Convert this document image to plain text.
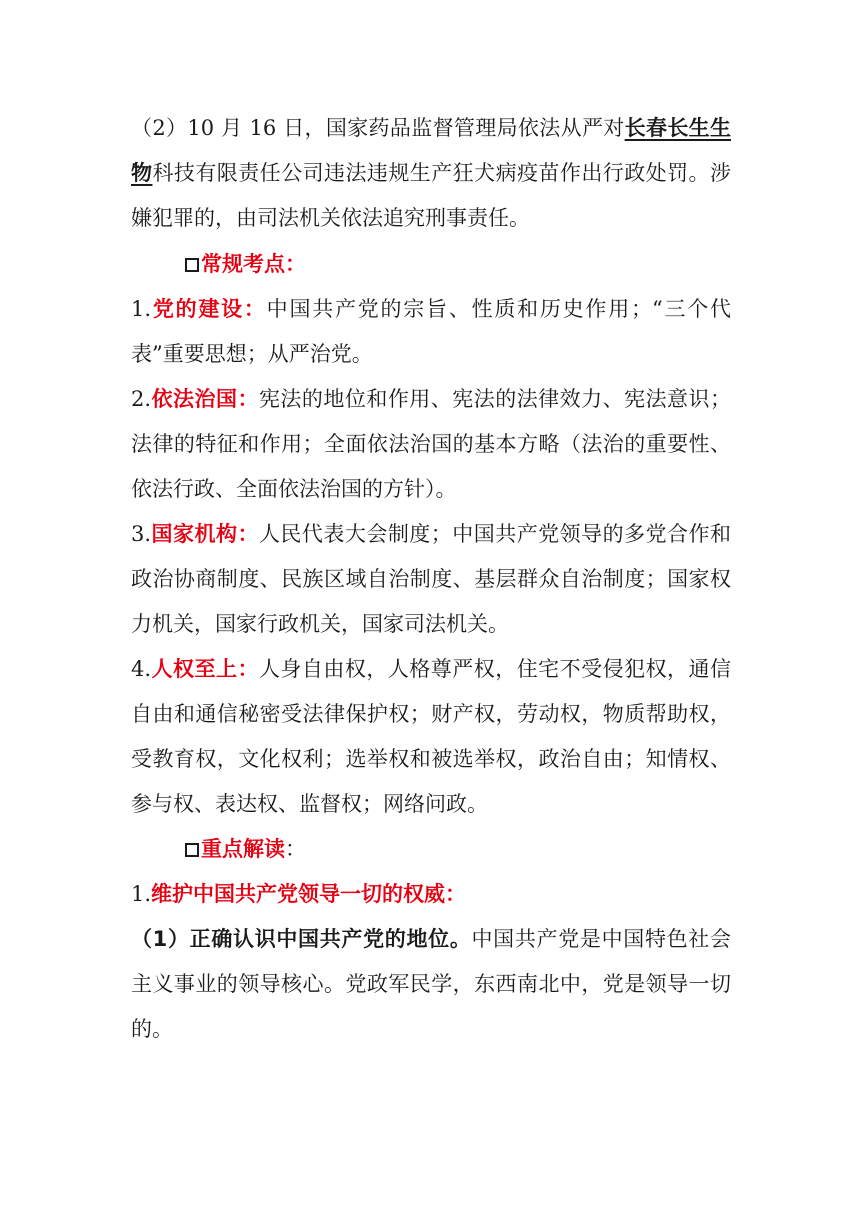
（2）10 月 16 日，国家药品监督管理局依法从严对长春长生生物科技有限责任公司违法违规生产狂犬病疫苗作出行政处罚。涉嫌犯罪的，由司法机关依法追究刑事责任。

常规考点：

1.党的建设：中国共产党的宗旨、性质和历史作用；“三个代表”重要思想；从严治党。

2.依法治国：宪法的地位和作用、宪法的法律效力、宪法意识；法律的特征和作用；全面依法治国的基本方略（法治的重要性、依法行政、全面依法治国的方针）。

3.国家机构：人民代表大会制度；中国共产党领导的多党合作和政治协商制度、民族区域自治制度、基层群众自治制度；国家权力机关，国家行政机关，国家司法机关。

4.人权至上：人身自由权，人格尊严权，住宅不受侵犯权，通信自由和通信秘密受法律保护权；财产权，劳动权，物质帮助权，受教育权，文化权利；选举权和被选举权，政治自由；知情权、参与权、表达权、监督权；网络问政。

重点解读：

1.维护中国共产党领导一切的权威：

（1）正确认识中国共产党的地位。中国共产党是中国特色社会主义事业的领导核心。党政军民学，东西南北中，党是领导一切的。
